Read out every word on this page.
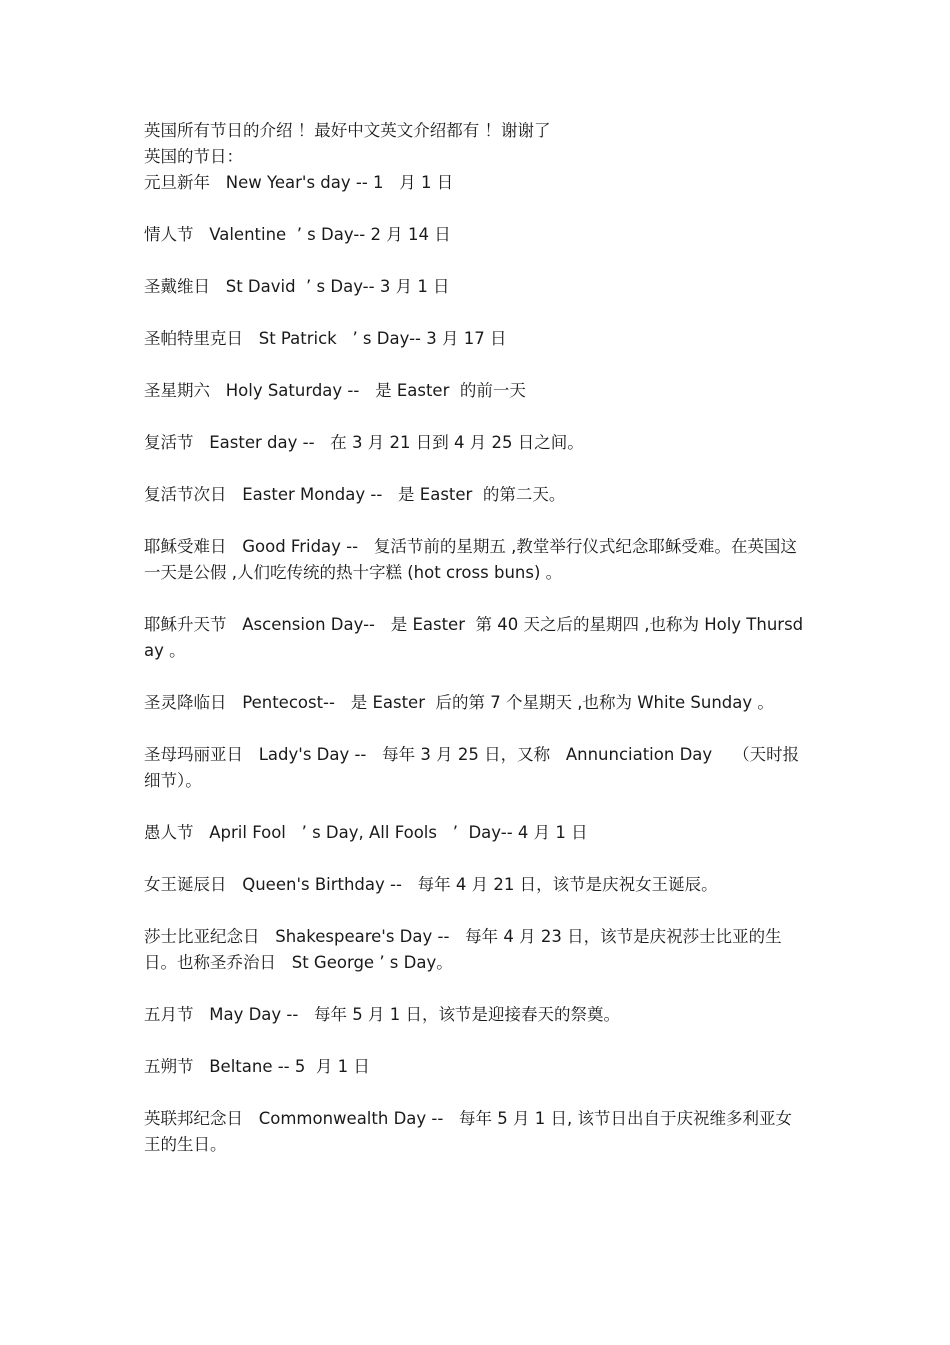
英国所有节日的介绍 ！最好中文英文介绍都有 ！谢谢了
英国的节日：
元旦新年   New Year's day -- 1   月 1 日
情人节   Valentine  ’ s Day-- 2 月 14 日
圣戴维日   St David  ’ s Day-- 3 月 1 日
圣帕特里克日   St Patrick   ’ s Day-- 3 月 17 日
圣星期六   Holy Saturday --   是 Easter  的前一天
复活节   Easter day --   在 3 月 21 日到 4 月 25 日之间。
复活节次日   Easter Monday --   是 Easter  的第二天。
耶稣受难日   Good Friday --   复活节前的星期五 ,教堂举行仪式纪念耶稣受难。在英国这一天是公假 ,人们吃传统的热十字糕 (hot cross buns) 。
耶稣升天节   Ascension Day--   是 Easter  第 40 天之后的星期四 ,也称为 Holy Thursday 。
圣灵降临日   Pentecost--   是 Easter  后的第 7 个星期天 ,也称为 White Sunday 。
圣母玛丽亚日   Lady's Day --   每年 3 月 25 日，又称   Annunciation Day    （天时报细节）。
愚人节   April Fool   ’ s Day, All Fools   ’  Day-- 4 月 1 日
女王诞辰日   Queen's Birthday --   每年 4 月 21 日，该节是庆祝女王诞辰。
莎士比亚纪念日   Shakespeare's Day --   每年 4 月 23 日，该节是庆祝莎士比亚的生日。也称圣乔治日   St George ’ s Day。
五月节   May Day --   每年 5 月 1 日，该节是迎接春天的祭奠。
五朔节   Beltane -- 5  月 1 日
英联邦纪念日   Commonwealth Day --   每年 5 月 1 日, 该节日出自于庆祝维多利亚女王的生日。
